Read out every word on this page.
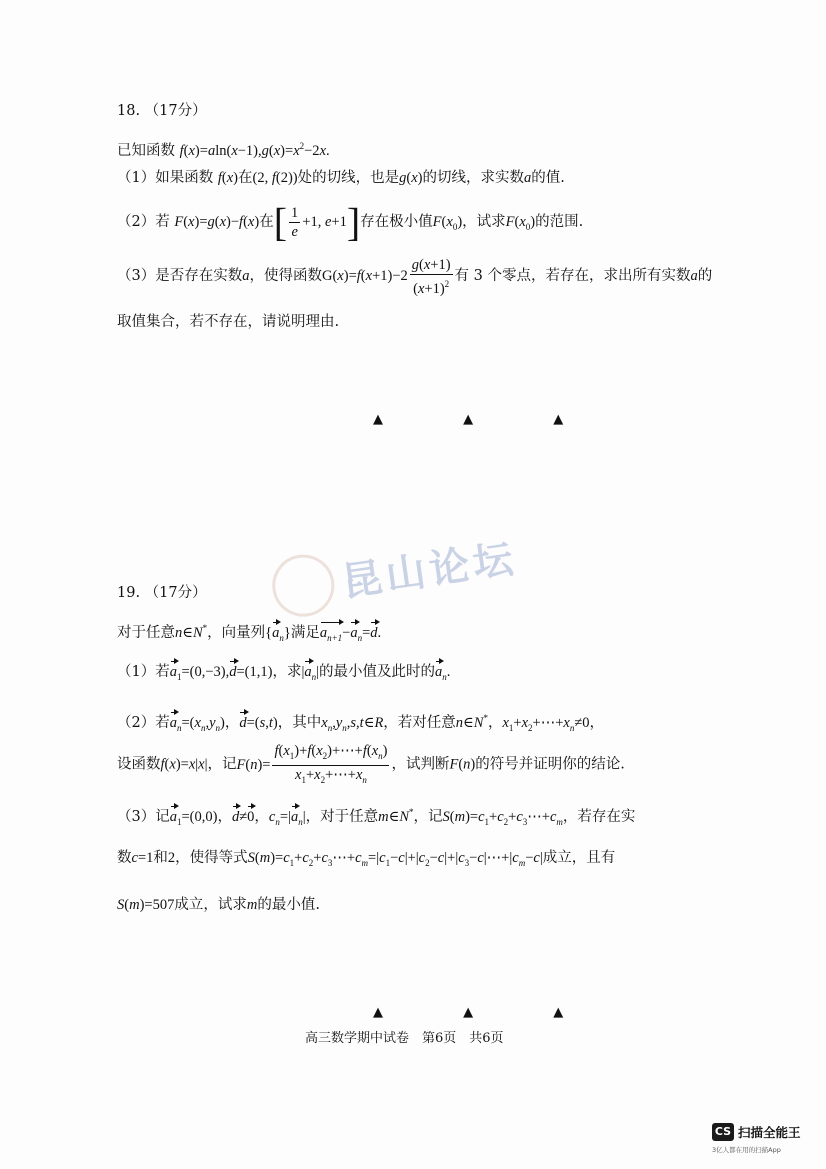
18. （17分）
已知函数 $f(x)=aln(x-1),g(x)=x^2-2x$.
（1）如果函数 f(x)在(2, f(2))处的切线，也是g(x)的切线，求实数a的值.
（2）若 F(x)=g(x)−f(x)在[ $\frac{1}{e} +1$, e+1]存在极小值$F(x_0)$，试求$F(x_0)$的范围.
（3）是否存在实数a，使得函数$G(x)=f(x+1)-2 \frac{g(x+1)}{(x+1)^2}$ 有 3 个零点，若存在，求出所有实数a的
取值集合，若不存在，请说明理由.
▲ ▲ ▲
昆山论坛
19. （17分）
对于任意n∈N*，向量列$\{a_n\}$满足$a_{n+1}-a_n=d$.
（1）若$a_1=(0,-3),d=(1,1)$，求$|a_n|$的最小值及此时的$a_n$.
（2）若$a_n=(x_n,y_n)$，d=(s,t)，其中$x_n,y_n,s,t\in R$，若对任意n∈N*，$x_1+x_2+\cdots+x_n\ne 0$，
设函数f(x)=x|x|，记$F(n)= \frac{f(x_1)+f(x_2)+\cdots+f(x_n)}{x_1+x_2+\cdots+x_n}$ ，试判断F(n)的符号并证明你的结论.
（3）记$a_1=(0,0)$，d≠0，$c_n=|a_n|$，对于任意m∈N*，记$S(m)=c_1+c_2+c_3\cdots+c_m$，若存在实
数c=1和2，使得等式$S(m)=c_1+c_2+c_3\cdots+c_m=|c_1-c|+|c_2-c|+|c_3-c|\cdots+|c_m-c|$成立，且有
S(m)=507成立，试求m的最小值.
▲ ▲ ▲
高三数学期中试卷　第6页　共6页
CS 扫描全能王
3亿人都在用的扫描App
